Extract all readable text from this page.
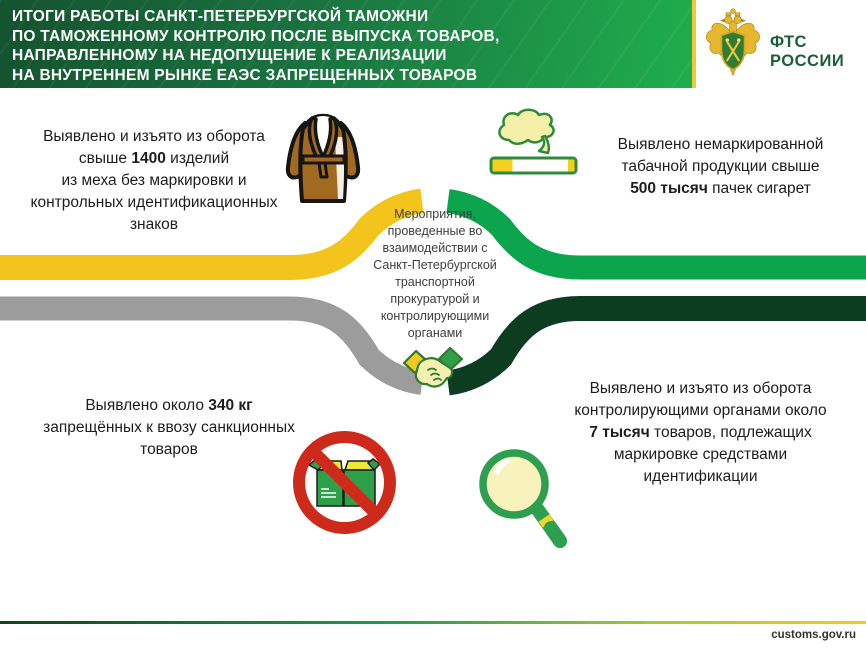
ИТОГИ РАБОТЫ САНКТ-ПЕТЕРБУРГСКОЙ ТАМОЖНИ
ПО ТАМОЖЕННОМУ КОНТРОЛЮ ПОСЛЕ ВЫПУСКА ТОВАРОВ,
НАПРАВЛЕННОМУ НА НЕДОПУЩЕНИЕ К РЕАЛИЗАЦИИ
НА ВНУТРЕННЕМ РЫНКЕ ЕАЭС ЗАПРЕЩЕННЫХ ТОВАРОВ
ФТС
РОССИИ
Мероприятия,
проведенные во
взаимодействии с
Санкт-Петербургской
транспортной
прокуратурой и
контролирующими
органами
Выявлено и изъято из оборота
свыше 1400 изделий
из меха без маркировки и
контрольных идентификационных
знаков
Выявлено немаркированной
табачной продукции свыше
500 тысяч пачек сигарет
Выявлено около 340 кг
запрещённых к ввозу санкционных
товаров
Выявлено и изъято из оборота
контролирующими органами около
7 тысяч товаров, подлежащих
маркировке средствами
идентификации
customs.gov.ru
